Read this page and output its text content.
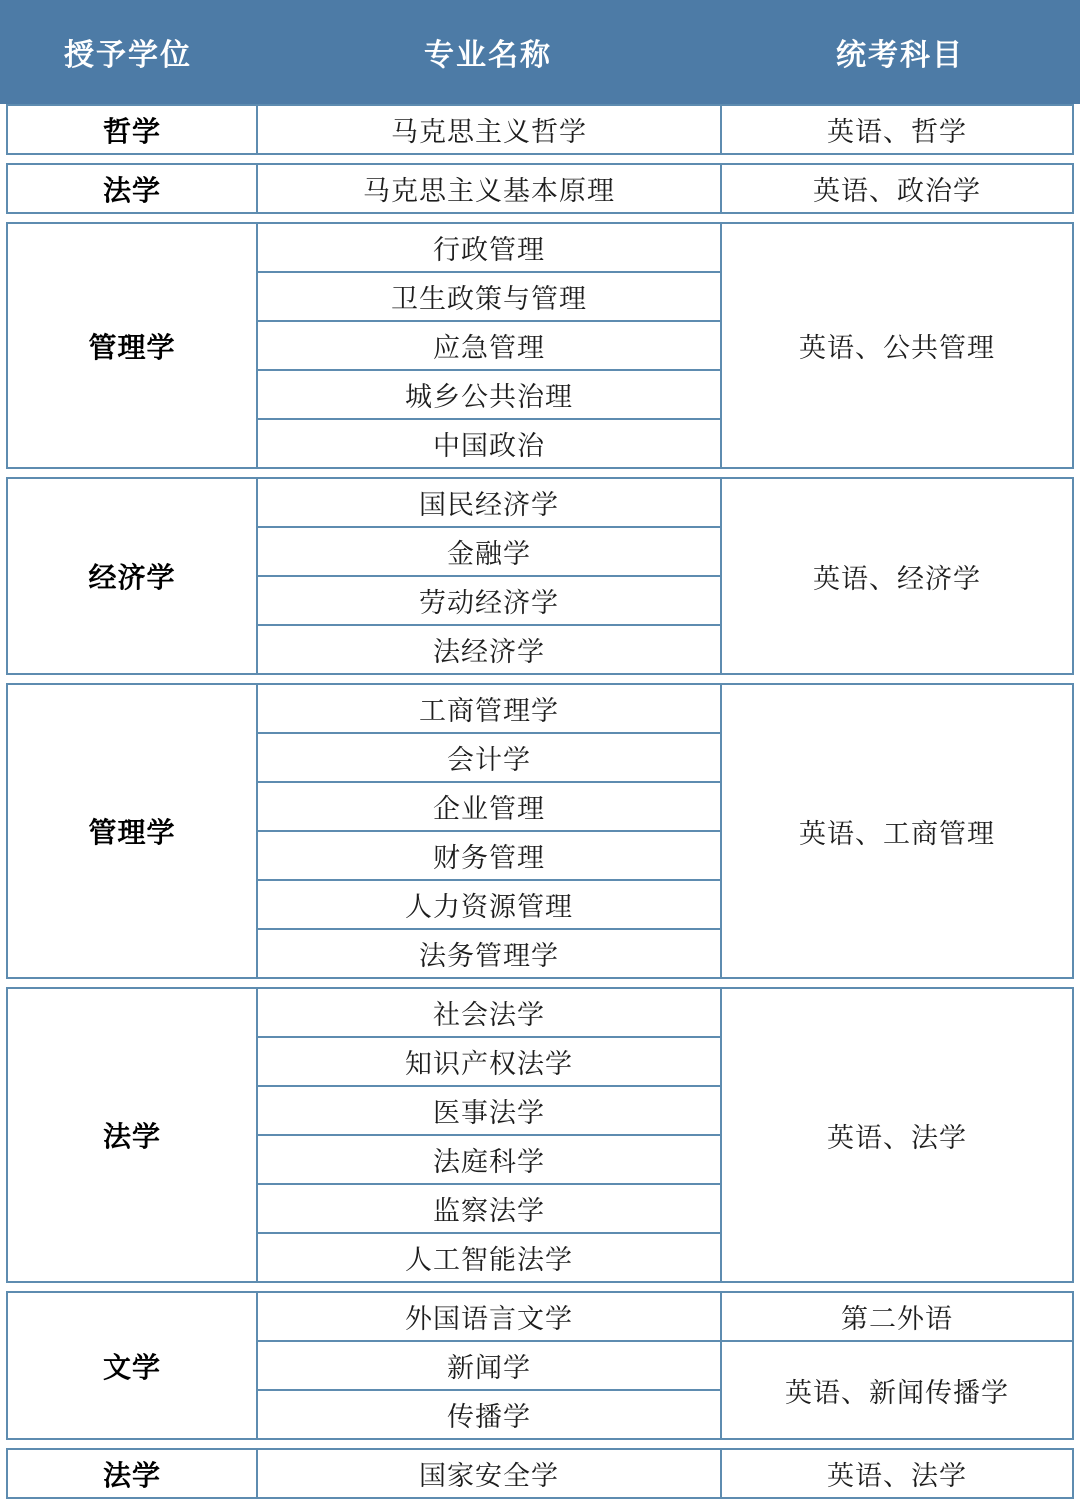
授予学位	专业名称	统考科目
哲学	马克思主义哲学	英语、哲学
法学	马克思主义基本原理	英语、政治学
管理学	行政管理	英语、公共管理
卫生政策与管理
应急管理
城乡公共治理
中国政治
经济学	国民经济学	英语、经济学
金融学
劳动经济学
法经济学
管理学	工商管理学	英语、工商管理
会计学
企业管理
财务管理
人力资源管理
法务管理学
法学	社会法学	英语、法学
知识产权法学
医事法学
法庭科学
监察法学
人工智能法学
文学	外国语言文学	第二外语
	新闻学	英语、新闻传播学
	传播学	
法学	国家安全学	英语、法学
